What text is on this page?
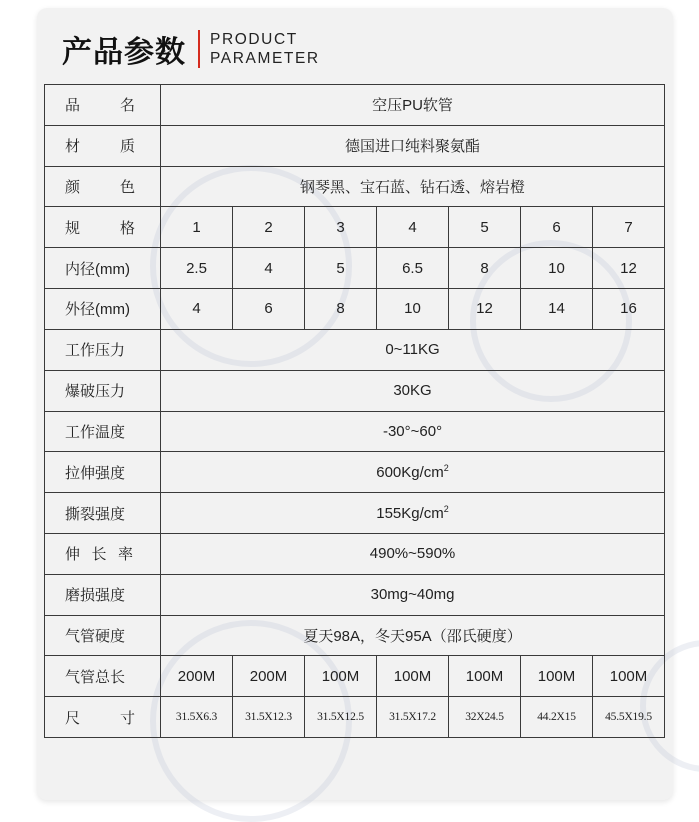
产品参数 PRODUCT
PARAMETER
品 名	空压PU软管						

材 质	德国进口纯料聚氨酯						

颜 色	钢琴黑、宝石蓝、钻石透、熔岩橙						

规 格	1	2	3	4	5	6	7
内径(mm)	2.5	4	5	6.5	8	10	12
外径(mm)	4	6	8	10	12	14	16
工作压力	0~11KG						
爆破压力	30KG						
工作温度	-30°~60°						
拉伸强度	$600Kg/cm^2$
撕裂强度	$155Kg/cm^2$

伸 长 率	490%~590%						
磨损强度	30mg~40mg						
气管硬度	夏天98A，冬天95A（邵氏硬度）						
气管总长	200M	200M	100M	100M	100M	100M	100M

尺 寸	31.5X6.3	31.5X12.3	31.5X12.5	31.5X17.2	32X24.5	44.2X15	45.5X19.5
